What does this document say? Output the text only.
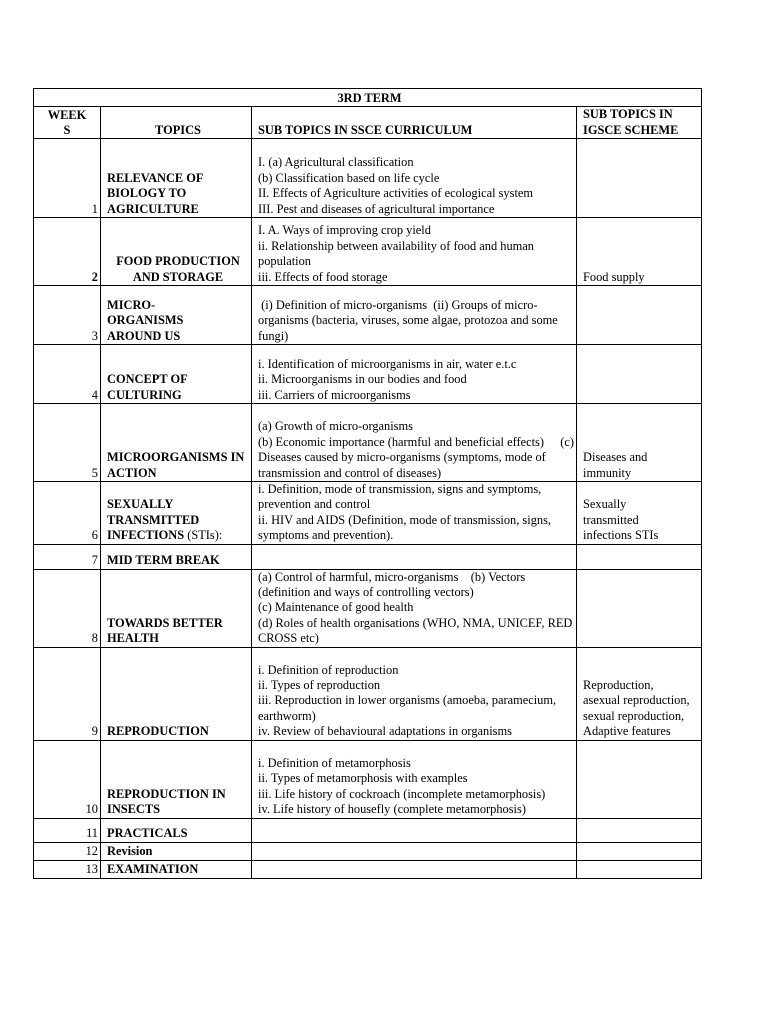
3RD TERM			

WEEKS	TOPICS	SUB TOPICS IN SSCE CURRICULUM	SUB TOPICS IN IGSCE SCHEME
1	RELEVANCE OF BIOLOGY TO AGRICULTURE	I. (a) Agricultural classification
(b) Classification based on life cycle
II. Effects of Agriculture activities of ecological system
III. Pest and diseases of agricultural importance	

2	FOOD PRODUCTION AND STORAGE	I. A. Ways of improving crop yield
ii. Relationship between availability of food and human population
iii. Effects of food storage	Food supply
3	MICRO-ORGANISMS AROUND US	(i) Definition of micro-organisms  (ii) Groups of micro-organisms (bacteria, viruses, some algae, protozoa and some fungi)	

4	CONCEPT OF CULTURING	i. Identification of microorganisms in air, water e.t.c
ii. Microorganisms in our bodies and food
iii. Carriers of microorganisms	

5	MICROORGANISMS IN ACTION	(a) Growth of micro-organisms
(b) Economic importance (harmful and beneficial effects) (c)
Diseases caused by micro-organisms (symptoms, mode of transmission and control of diseases)	Diseases and immunity

6	SEXUALLY TRANSMITTED INFECTIONS (STIs):	i. Definition, mode of transmission, signs and symptoms, prevention and control
ii. HIV and AIDS (Definition, mode of transmission, signs, symptoms and prevention).	Sexually transmitted infections STIs

7	MID TERM BREAK		
8	TOWARDS BETTER HEALTH	(a) Control of harmful, micro-organisms    (b) Vectors (definition and ways of controlling vectors)
(c) Maintenance of good health
(d) Roles of health organisations (WHO, NMA, UNICEF, RED CROSS etc)	

9	REPRODUCTION	i. Definition of reproduction
ii. Types of reproduction
iii. Reproduction in lower organisms (amoeba, paramecium, earthworm)
iv. Review of behavioural adaptations in organisms	Reproduction, asexual reproduction, sexual reproduction, Adaptive features

10	REPRODUCTION IN INSECTS	i. Definition of metamorphosis
ii. Types of metamorphosis with examples
iii. Life history of cockroach (incomplete metamorphosis)
iv. Life history of housefly (complete metamorphosis)	

11	PRACTICALS		
12	Revision		
13	EXAMINATION		
